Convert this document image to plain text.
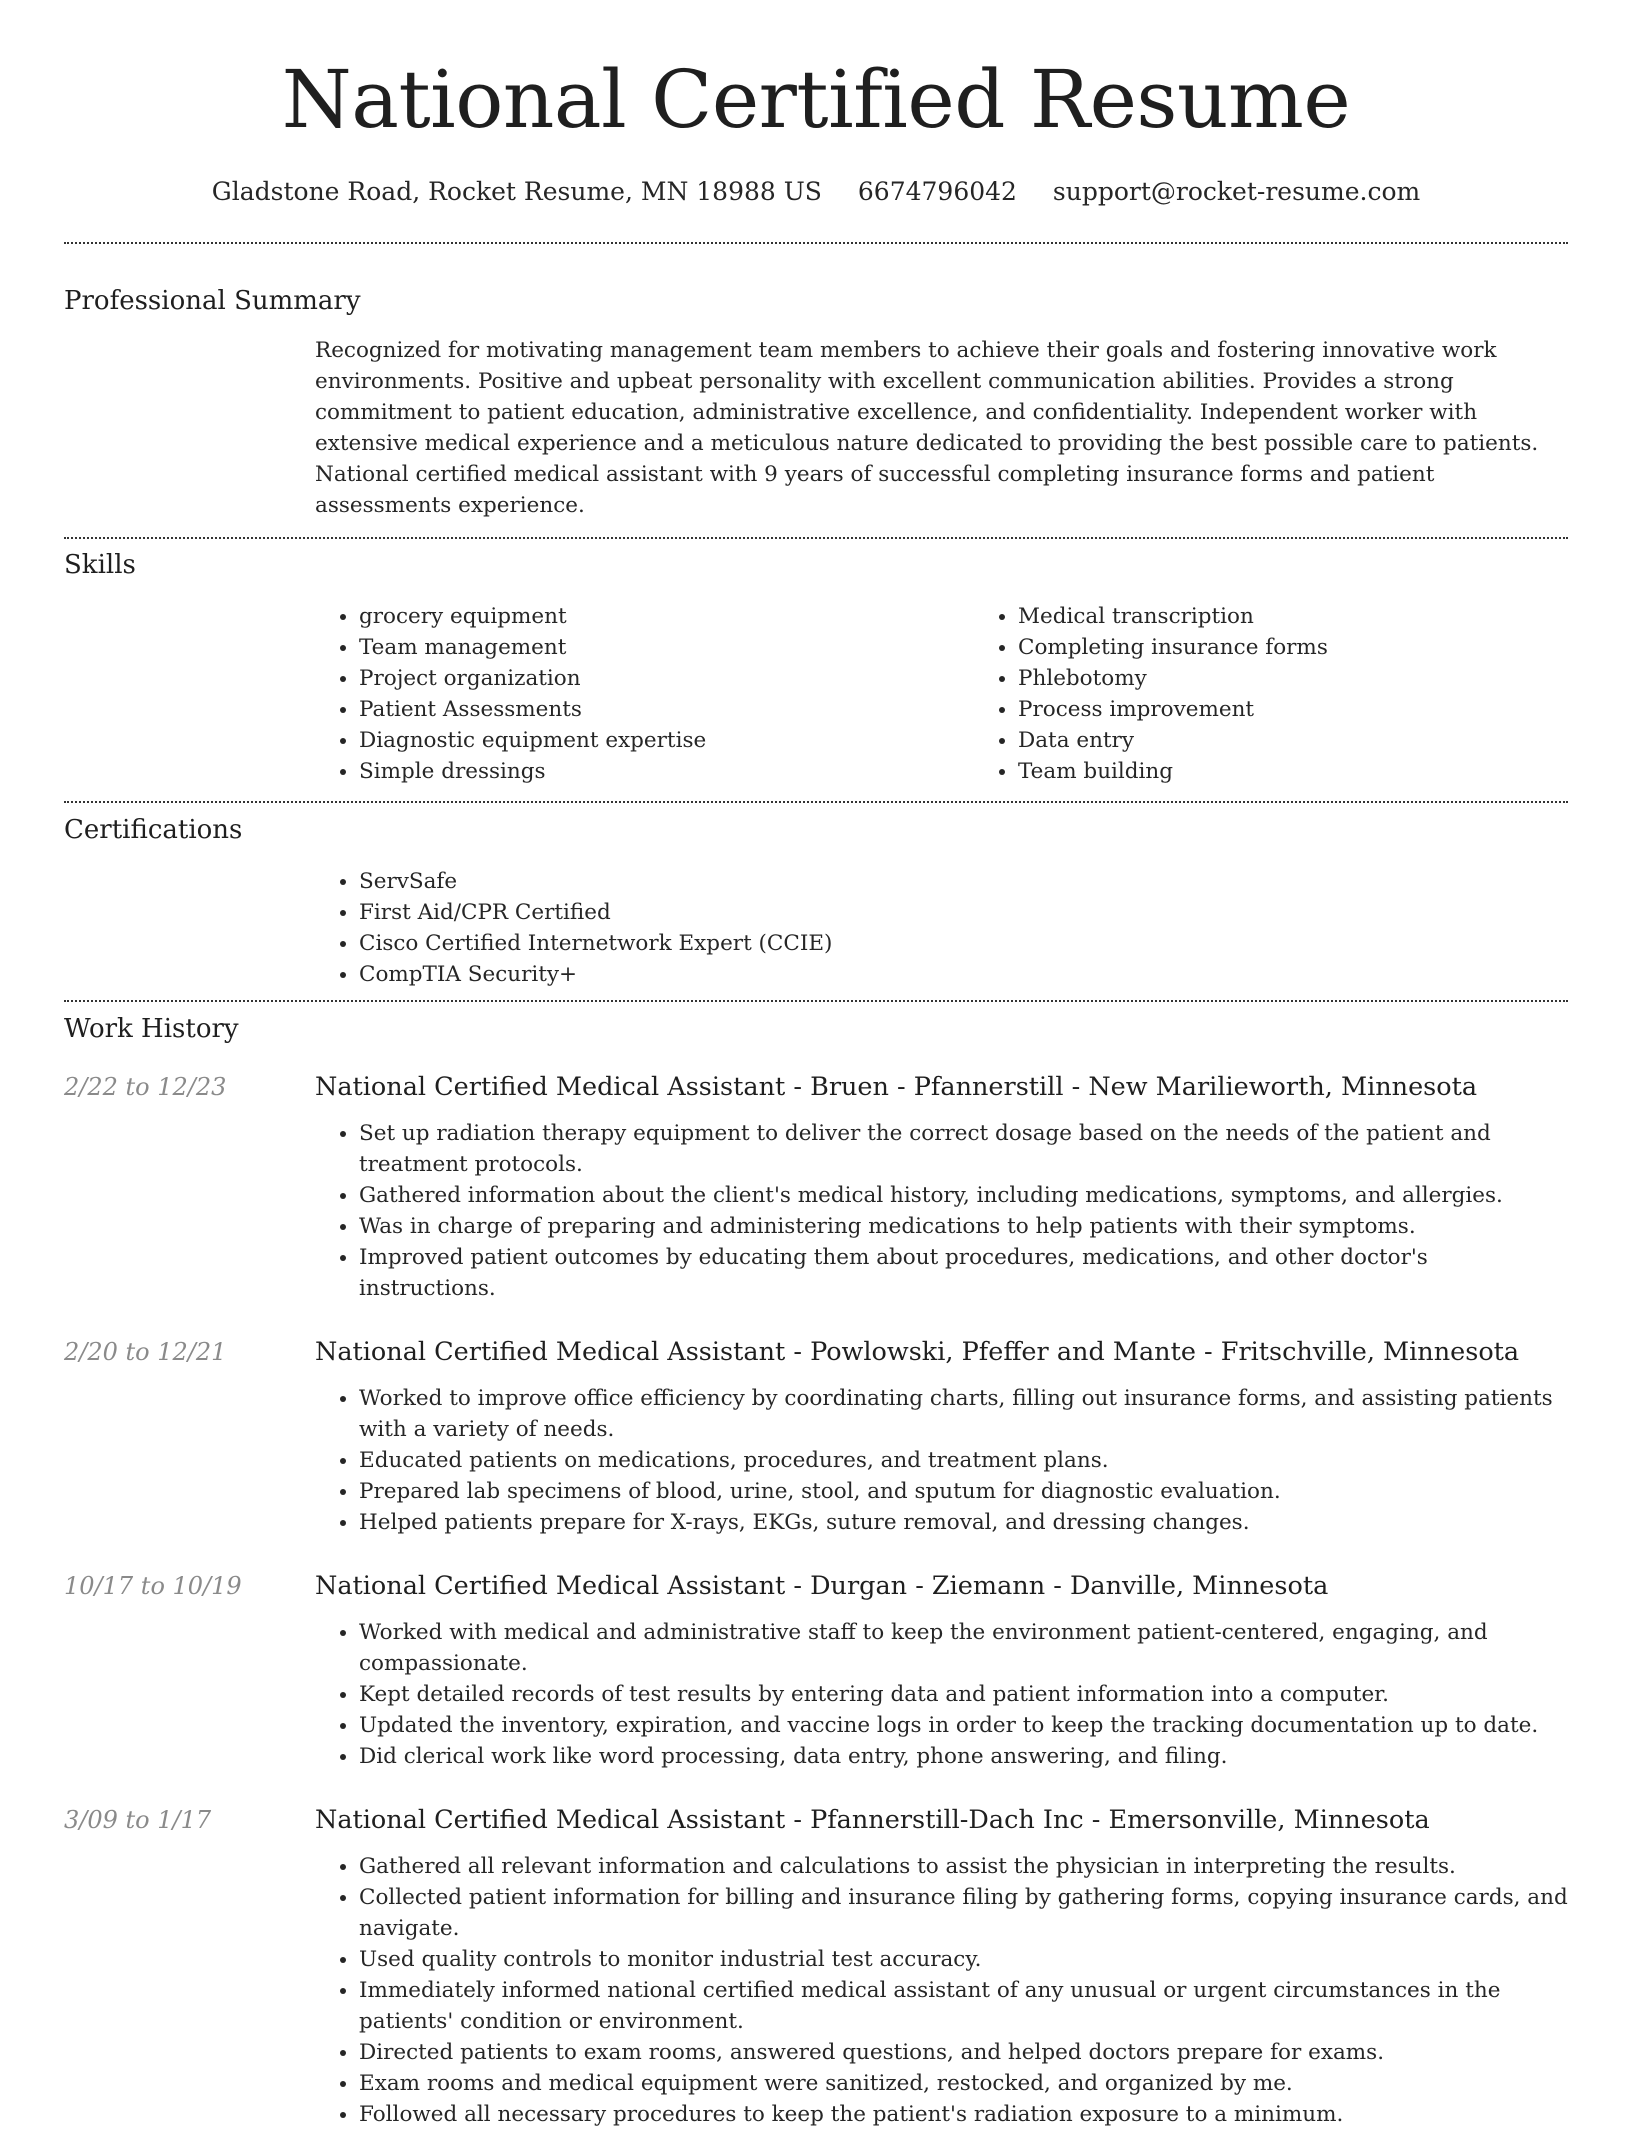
National Certified Resume
Gladstone Road, Rocket Resume, MN 18988 US 6674796042 support@rocket-resume.com
Professional Summary
Recognized for motivating management team members to achieve their goals and fostering innovative work environments. Positive and upbeat personality with excellent communication abilities. Provides a strong commitment to patient education, administrative excellence, and confidentiality. Independent worker with extensive medical experience and a meticulous nature dedicated to providing the best possible care to patients. National certified medical assistant with 9 years of successful completing insurance forms and patient assessments experience.
Skills
• grocery equipment
• Team management
• Project organization
• Patient Assessments
• Diagnostic equipment expertise
• Simple dressings
• Medical transcription
• Completing insurance forms
• Phlebotomy
• Process improvement
• Data entry
• Team building
Certifications
• ServSafe
• First Aid/CPR Certified
• Cisco Certified Internetwork Expert (CCIE)
• CompTIA Security+
Work History
2/22 to 12/23	National Certified Medical Assistant - Bruen - Pfannerstill - New Marilieworth, Minnesota
• Set up radiation therapy equipment to deliver the correct dosage based on the needs of the patient and treatment protocols.
• Gathered information about the client's medical history, including medications, symptoms, and allergies.
• Was in charge of preparing and administering medications to help patients with their symptoms.
• Improved patient outcomes by educating them about procedures, medications, and other doctor's instructions.
2/20 to 12/21	National Certified Medical Assistant - Powlowski, Pfeffer and Mante - Fritschville, Minnesota
• Worked to improve office efficiency by coordinating charts, filling out insurance forms, and assisting patients with a variety of needs.
• Educated patients on medications, procedures, and treatment plans.
• Prepared lab specimens of blood, urine, stool, and sputum for diagnostic evaluation.
• Helped patients prepare for X-rays, EKGs, suture removal, and dressing changes.
10/17 to 10/19	National Certified Medical Assistant - Durgan - Ziemann - Danville, Minnesota
• Worked with medical and administrative staff to keep the environment patient-centered, engaging, and compassionate.
• Kept detailed records of test results by entering data and patient information into a computer.
• Updated the inventory, expiration, and vaccine logs in order to keep the tracking documentation up to date.
• Did clerical work like word processing, data entry, phone answering, and filing.
3/09 to 1/17	National Certified Medical Assistant - Pfannerstill-Dach Inc - Emersonville, Minnesota
• Gathered all relevant information and calculations to assist the physician in interpreting the results.
• Collected patient information for billing and insurance filing by gathering forms, copying insurance cards, and navigate.
• Used quality controls to monitor industrial test accuracy.
• Immediately informed national certified medical assistant of any unusual or urgent circumstances in the patients' condition or environment.
• Directed patients to exam rooms, answered questions, and helped doctors prepare for exams.
• Exam rooms and medical equipment were sanitized, restocked, and organized by me.
• Followed all necessary procedures to keep the patient's radiation exposure to a minimum.
